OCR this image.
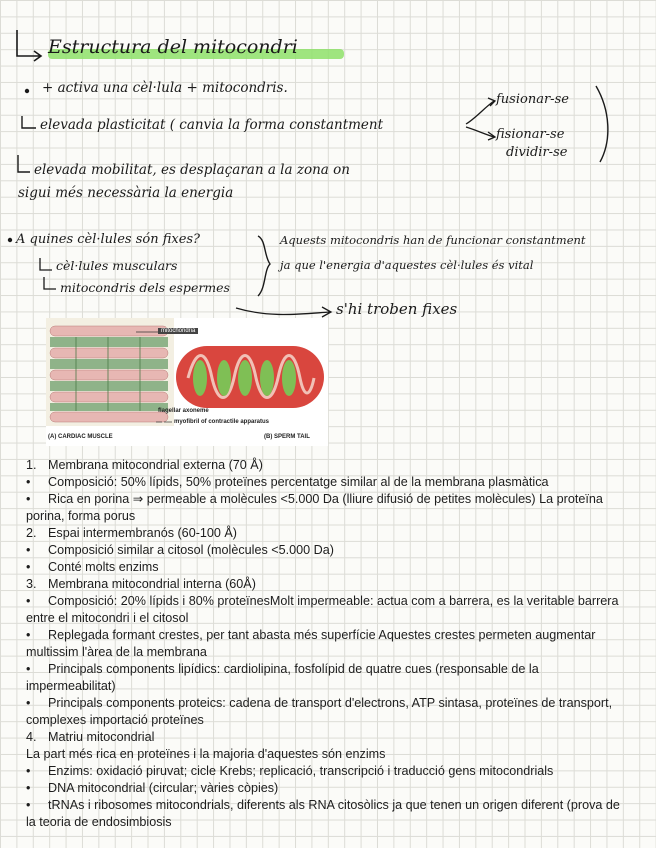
Estructura del mitocondri
+ activa una cèl·lula + mitocondris.
elevada plasticitat ( canvia la forma constantment
fusionar-se
fisionar-se
dividir-se
elevada mobilitat, es desplaçaran a la zona on
sigui més necessària la energia
A quines cèl·lules són fixes?
cèl·lules musculars
mitocondris dels espermes
Aquests mitocondris han de funcionar constantment
ja que l'energia d'aquestes cèl·lules és vital
s'hi troben fixes
mitochondria
flagellar axoneme
myofibril of contractile apparatus
(A) CARDIAC MUSCLE	(B) SPERM TAIL
1. Membrana mitocondrial externa (70 Å)
• Composició: 50% lípids, 50% proteïnes percentatge similar al de la membrana plasmàtica
• Rica en porina ⇒ permeable a molècules <5.000 Da (lliure difusió de petites molècules) La proteïna porina, forma porus
2. Espai intermembranós (60-100 Å)
• Composició similar a citosol (molècules <5.000 Da)
• Conté molts enzims
3. Membrana mitocondrial interna (60Å)
• Composició: 20% lípids i 80% proteïnesMolt impermeable: actua com a barrera, es la veritable barrera entre el mitocondri i el citosol
• Replegada formant crestes, per tant abasta més superfície Aquestes crestes permeten augmentar multissim l'àrea de la membrana
• Principals components lipídics: cardiolipina, fosfolípid de quatre cues (responsable de la impermeabilitat)
• Principals components proteics: cadena de transport d'electrons, ATP sintasa, proteïnes de transport, complexes importació proteïnes
4. Matriu mitocondrial
La part més rica en proteïnes i la majoria d'aquestes són enzims
• Enzims: oxidació piruvat; cicle Krebs; replicació, transcripció i traducció gens mitocondrials
• DNA mitocondrial (circular; vàries còpies)
• tRNAs i ribosomes mitocondrials, diferents als RNA citosòlics ja que tenen un origen diferent (prova de la teoria de endosimbiosis
